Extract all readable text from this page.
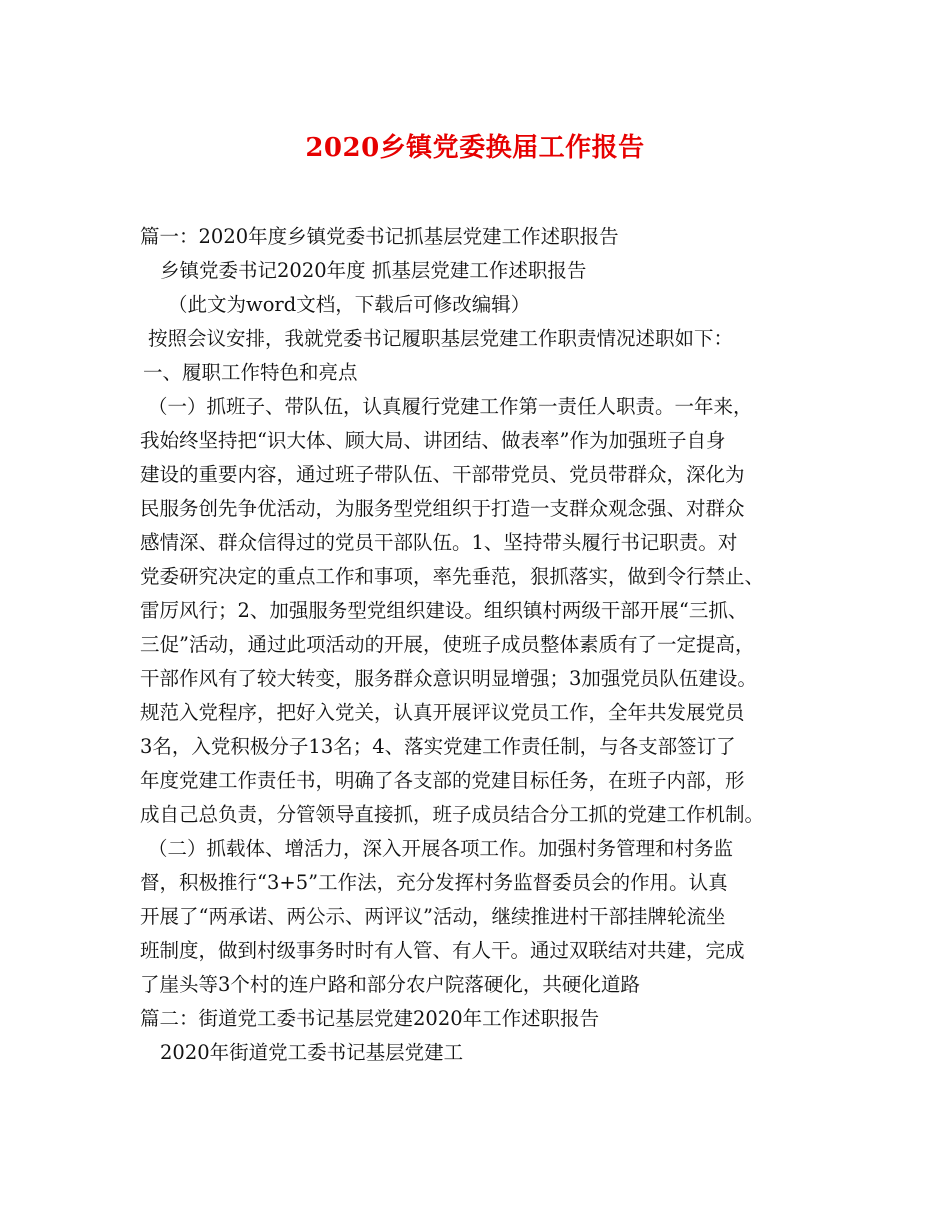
2020乡镇党委换届工作报告
篇一：2020年度乡镇党委书记抓基层党建工作述职报告
乡镇党委书记2020年度 抓基层党建工作述职报告
（此文为word文档，下载后可修改编辑）
按照会议安排，我就党委书记履职基层党建工作职责情况述职如下：
一、履职工作特色和亮点
（一）抓班子、带队伍，认真履行党建工作第一责任人职责。一年来，
我始终坚持把“识大体、顾大局、讲团结、做表率”作为加强班子自身
建设的重要内容，通过班子带队伍、干部带党员、党员带群众，深化为
民服务创先争优活动，为服务型党组织于打造一支群众观念强、对群众
感情深、群众信得过的党员干部队伍。1、坚持带头履行书记职责。对
党委研究决定的重点工作和事项，率先垂范，狠抓落实，做到令行禁止、
雷厉风行；2、加强服务型党组织建设。组织镇村两级干部开展“三抓、
三促”活动，通过此项活动的开展，使班子成员整体素质有了一定提高，
干部作风有了较大转变，服务群众意识明显增强；3加强党员队伍建设。
规范入党程序，把好入党关，认真开展评议党员工作，全年共发展党员
3名，入党积极分子13名；4、落实党建工作责任制，与各支部签订了
年度党建工作责任书，明确了各支部的党建目标任务，在班子内部，形
成自己总负责，分管领导直接抓，班子成员结合分工抓的党建工作机制。
（二）抓载体、增活力，深入开展各项工作。加强村务管理和村务监
督，积极推行“3+5”工作法，充分发挥村务监督委员会的作用。认真
开展了“两承诺、两公示、两评议”活动，继续推进村干部挂牌轮流坐
班制度，做到村级事务时时有人管、有人干。通过双联结对共建，完成
了崖头等3个村的连户路和部分农户院落硬化，共硬化道路
篇二：街道党工委书记基层党建2020年工作述职报告
2020年街道党工委书记基层党建工
